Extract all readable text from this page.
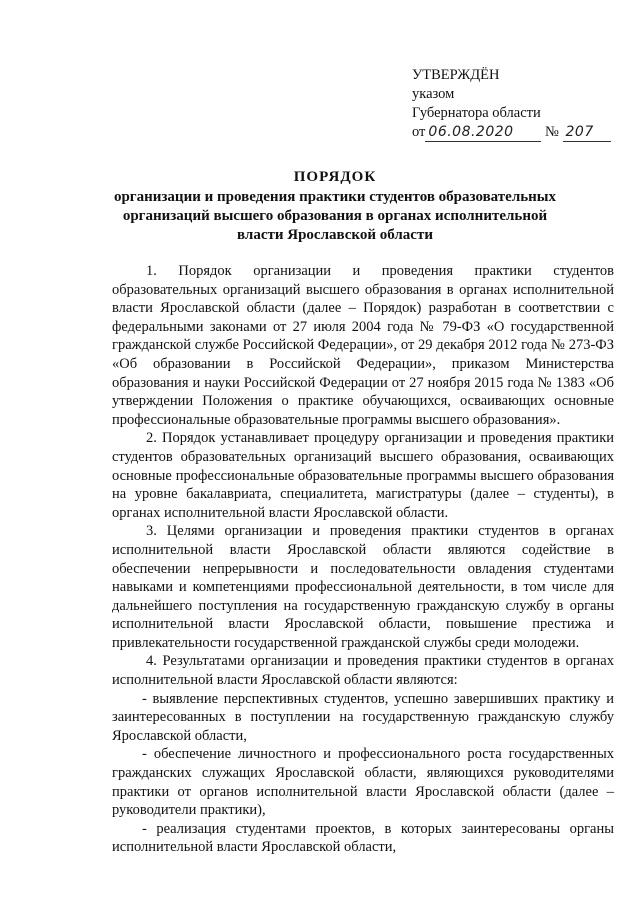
УТВЕРЖДЁН
указом
Губернатора области
от 06.08.2020 № 207
ПОРЯДОК
организации и проведения практики студентов образовательных организаций высшего образования в органах исполнительной власти Ярославской области

1. Порядок организации и проведения практики студентов образовательных организаций высшего образования в органах исполнительной власти Ярославской области (далее – Порядок) разработан в соответствии с федеральными законами от 27 июля 2004 года № 79-ФЗ «О государственной гражданской службе Российской Федерации», от 29 декабря 2012 года № 273-ФЗ «Об образовании в Российской Федерации», приказом Министерства образования и науки Российской Федерации от 27 ноября 2015 года № 1383 «Об утверждении Положения о практике обучающихся, осваивающих основные профессиональные образовательные программы высшего образования».

2. Порядок устанавливает процедуру организации и проведения практики студентов образовательных организаций высшего образования, осваивающих основные профессиональные образовательные программы высшего образования на уровне бакалавриата, специалитета, магистратуры (далее – студенты), в органах исполнительной власти Ярославской области.

3. Целями организации и проведения практики студентов в органах исполнительной власти Ярославской области являются содействие в обеспечении непрерывности и последовательности овладения студентами навыками и компетенциями профессиональной деятельности, в том числе для дальнейшего поступления на государственную гражданскую службу в органы исполнительной власти Ярославской области, повышение престижа и привлекательности государственной гражданской службы среди молодежи.

4. Результатами организации и проведения практики студентов в органах исполнительной власти Ярославской области являются:

- выявление перспективных студентов, успешно завершивших практику и заинтересованных в поступлении на государственную гражданскую службу Ярославской области,

- обеспечение личностного и профессионального роста государственных гражданских служащих Ярославской области, являющихся руководителями практики от органов исполнительной власти Ярославской области (далее – руководители практики),

- реализация студентами проектов, в которых заинтересованы органы исполнительной власти Ярославской области,
